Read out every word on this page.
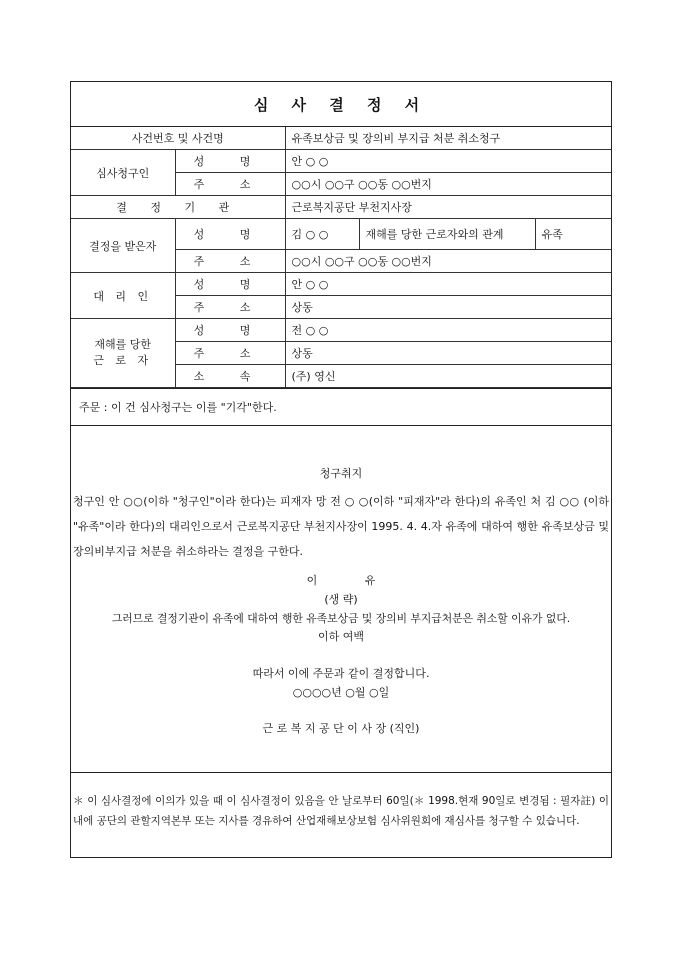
심 사 결 정 서
사건번호 및 사건명		유족보상금 및 장의비 부지급 처분 취소청구		
심사청구인	성 명	안 ○ ○		
	주 소	○○시 ○○구 ○○동 ○○번지		
결 정 기 관		근로복지공단 부천지사장		
결정을 받은자	성 명	김 ○ ○	재해를 당한 근로자와의 관계	유족
	주 소	○○시 ○○구 ○○동 ○○번지		
대 리 인	성 명	안 ○ ○		
	주 소	상동		

재해를 당한
근 로 자	성 명	전 ○ ○		
	주 소	상동		
	소 속	(주) 영신		
주문 : 이 건 심사청구는 이를 "기각"한다.
청구취지
청구인 안 ○○(이하 "청구인"이라 한다)는 피재자 망 전 ○ ○(이하 "피재자"라 한다)의 유족인 처 김 ○○ (이하 "유족"이라 한다)의 대리인으로서 근로복지공단 부천지사장이 1995. 4. 4.자 유족에 대하여 행한 유족보상금 및 장의비부지급 처분을 취소하라는 결정을 구한다.
이 유
(생 략)
그러므로 결정기관이 유족에 대하여 행한 유족보상금 및 장의비 부지급처분은 취소할 이유가 없다.
이하 여백
따라서 이에 주문과 같이 결정합니다.
○○○○년 ○월 ○일
근 로 복 지 공 단 이 사 장 (직인)
＊ 이 심사결정에 이의가 있을 때 이 심사결정이 있음을 안 날로부터 60일(＊ 1998.현재 90일로 변경됨 : 필자註) 이내에 공단의 관할지역본부 또는 지사를 경유하여 산업재해보상보험 심사위원회에 재심사를 청구할 수 있습니다.
